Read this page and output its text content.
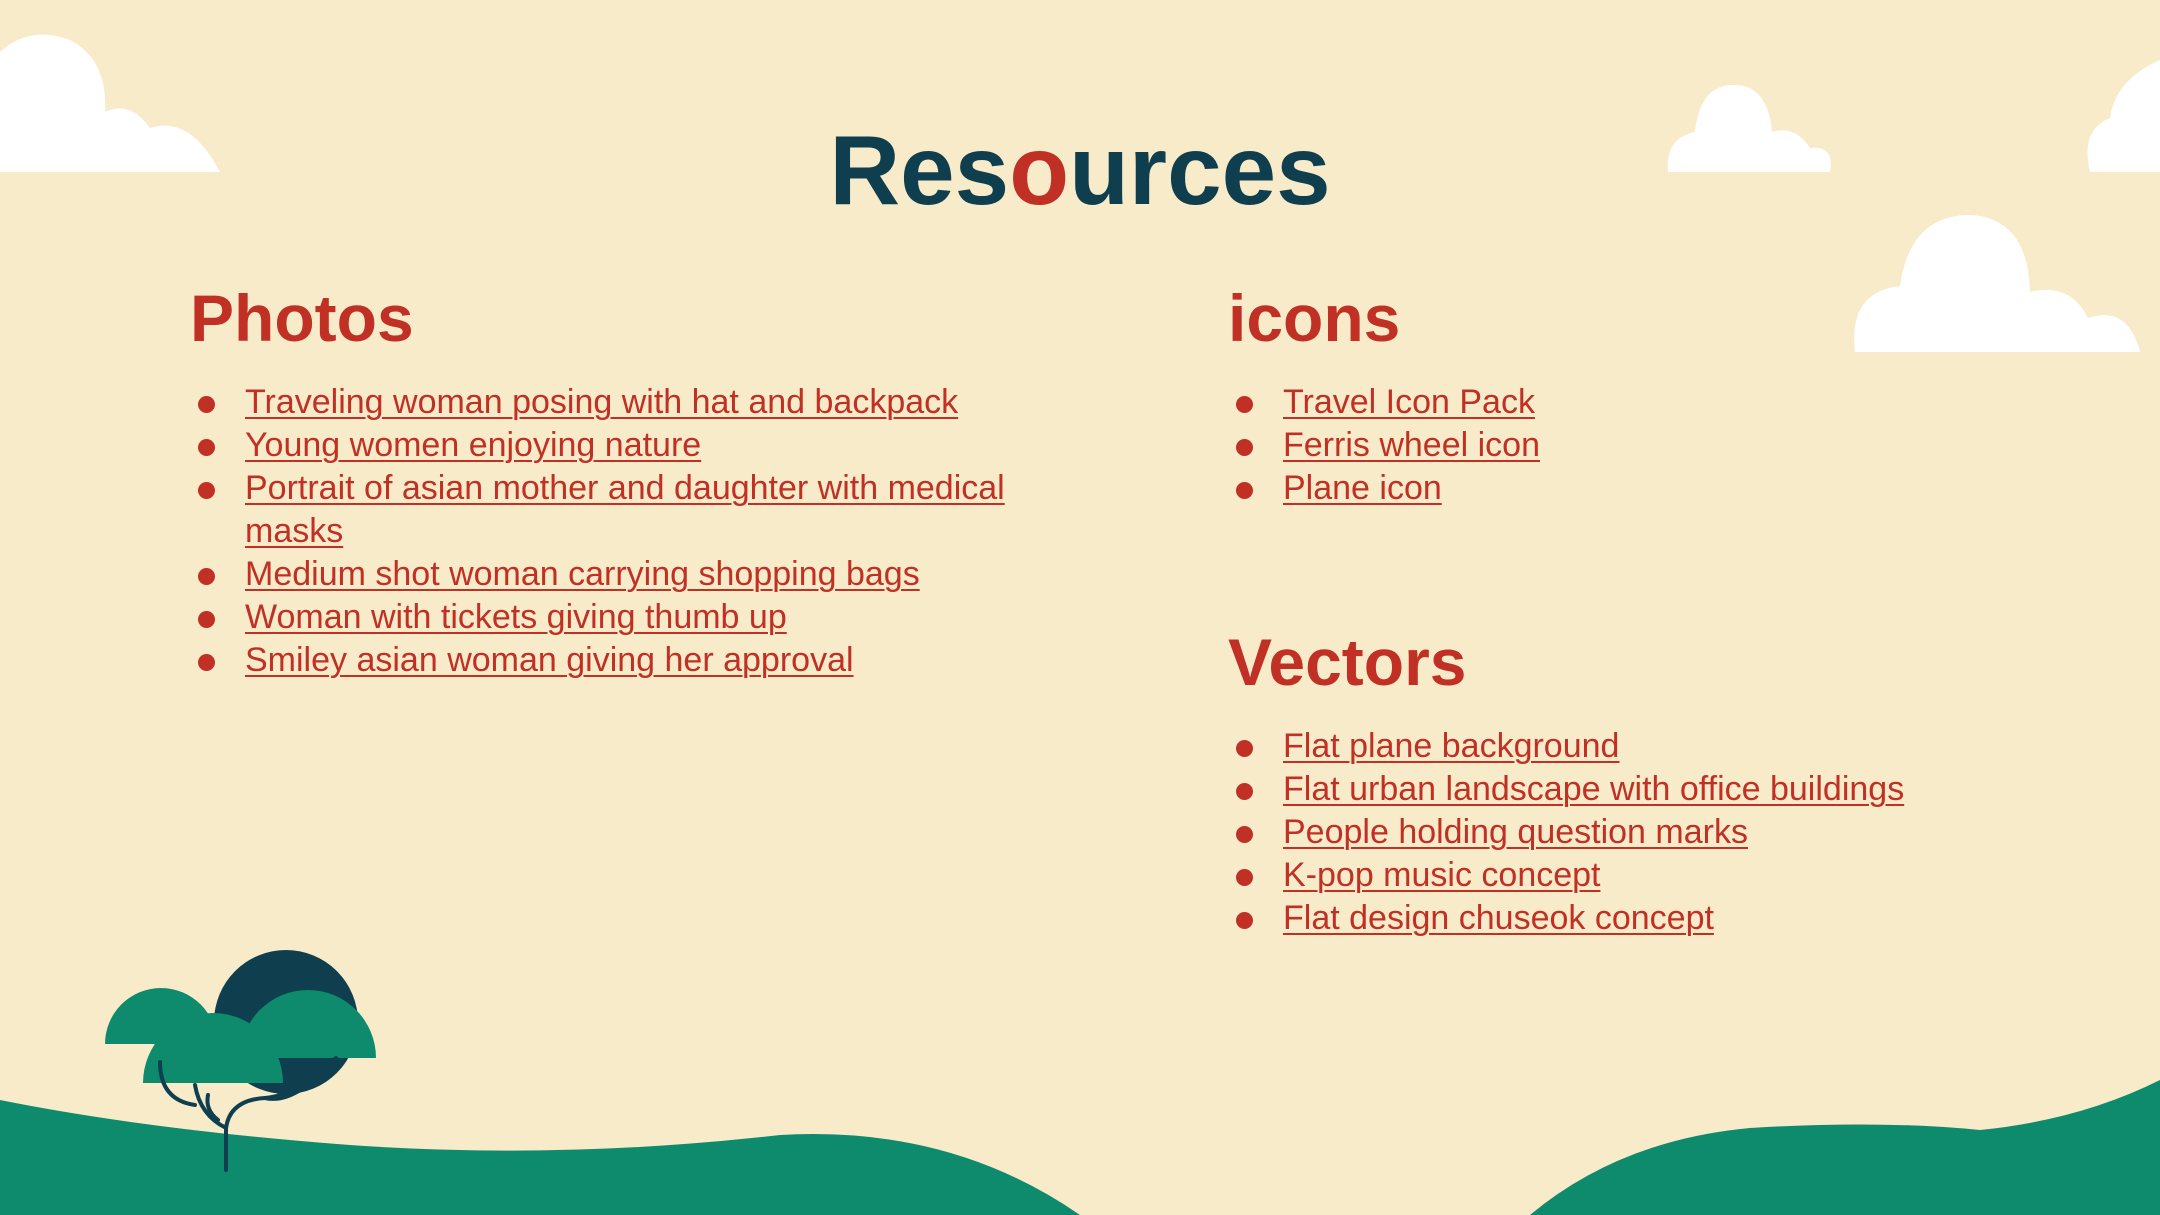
Resources
Photos
Traveling woman posing with hat and backpack
Young women enjoying nature
Portrait of asian mother and daughter with medical masks
Medium shot woman carrying shopping bags
Woman with tickets giving thumb up
Smiley asian woman giving her approval
icons
Travel Icon Pack
Ferris wheel icon
Plane icon
Vectors
Flat plane background
Flat urban landscape with office buildings
People holding question marks
K-pop music concept
Flat design chuseok concept
